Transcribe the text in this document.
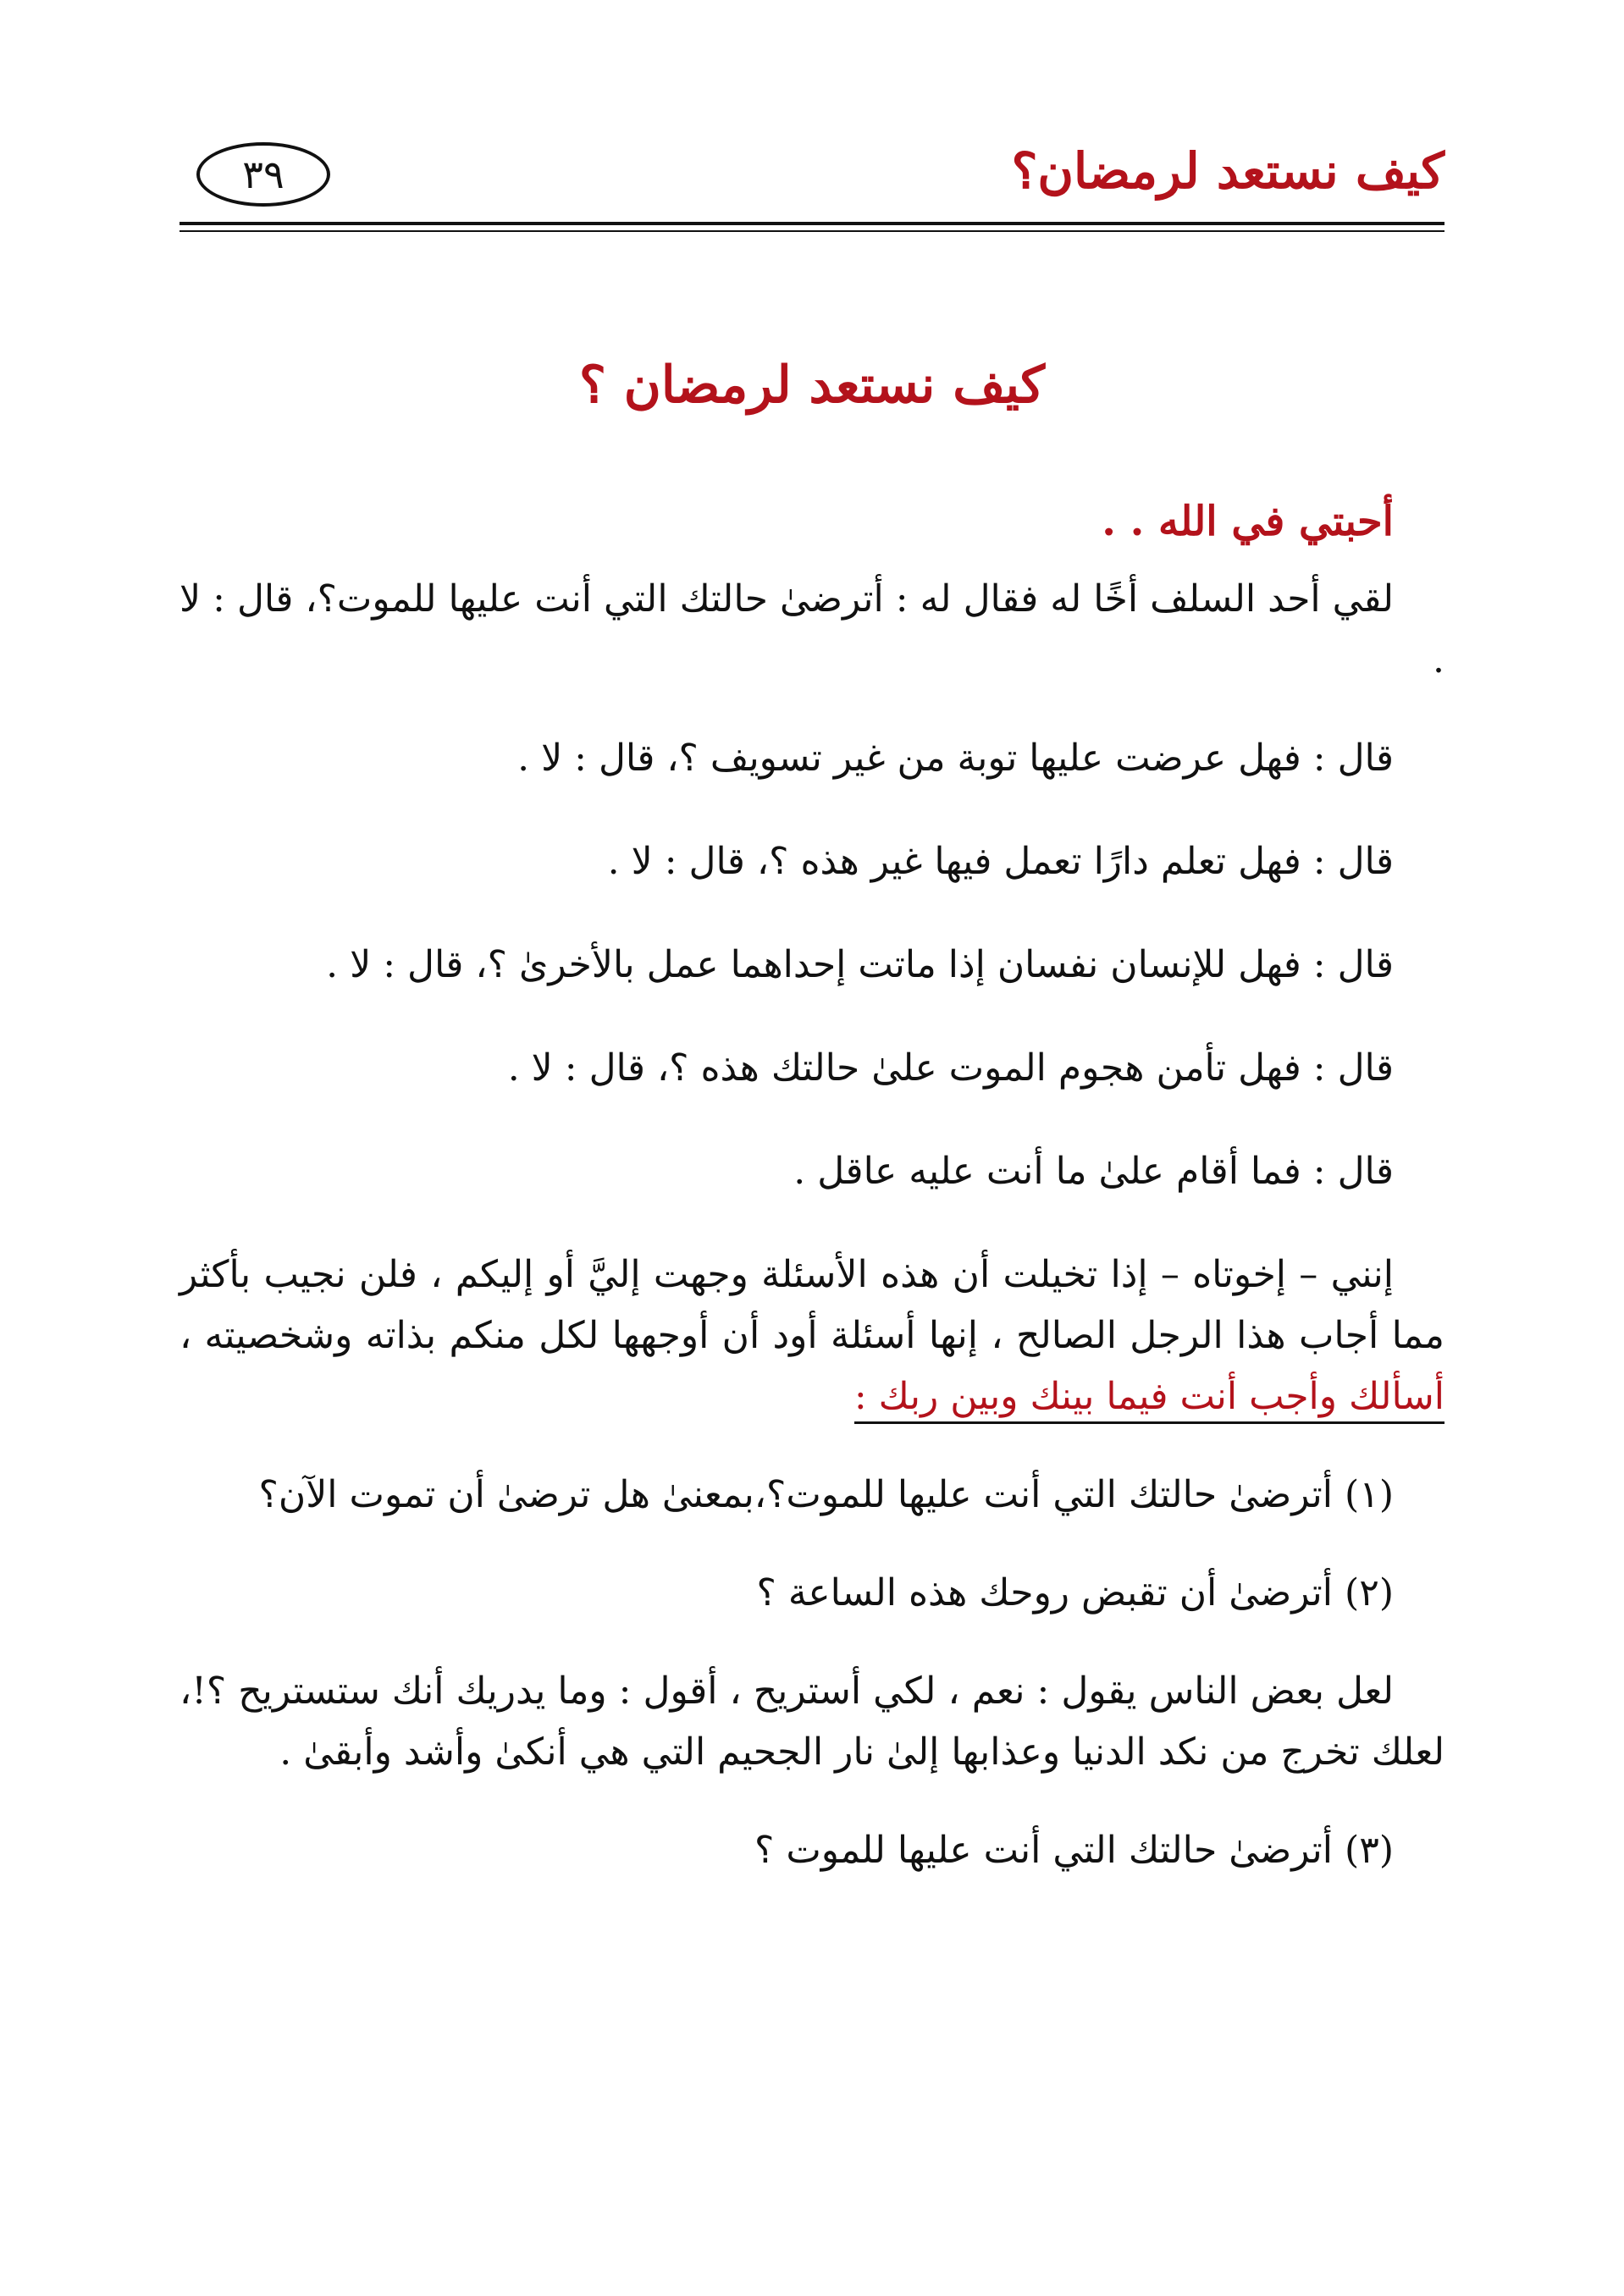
كيف نستعد لرمضان؟
٣٩
كيف نستعد لرمضان ؟
أحبتي في الله . .

لقي أحد السلف أخًا له فقال له : أترضىٰ حالتك التي أنت عليها للموت؟، قال : لا .

قال : فهل عرضت عليها توبة من غير تسويف ؟، قال : لا .
قال : فهل تعلم دارًا تعمل فيها غير هذه ؟، قال : لا .
قال : فهل للإنسان نفسان إذا ماتت إحداهما عمل بالأخرىٰ ؟، قال : لا .
قال : فهل تأمن هجوم الموت علىٰ حالتك هذه ؟، قال : لا .
قال : فما أقام علىٰ ما أنت عليه عاقل .

إنني – إخوتاه – إذا تخيلت أن هذه الأسئلة وجهت إليَّ أو إليكم ، فلن نجيب بأكثر مما أجاب هذا الرجل الصالح ، إنها أسئلة أود أن أوجهها لكل منكم بذاته وشخصيته ، أسألك وأجب أنت فيما بينك وبين ربك :

(١) أترضىٰ حالتك التي أنت عليها للموت؟،بمعنىٰ هل ترضىٰ أن تموت الآن؟

(٢) أترضىٰ أن تقبض روحك هذه الساعة ؟

لعل بعض الناس يقول : نعم ، لكي أستريح ، أقول : وما يدريك أنك ستستريح ؟!، لعلك تخرج من نكد الدنيا وعذابها إلىٰ نار الجحيم التي هي أنكىٰ وأشد وأبقىٰ .

(٣) أترضىٰ حالتك التي أنت عليها للموت ؟
